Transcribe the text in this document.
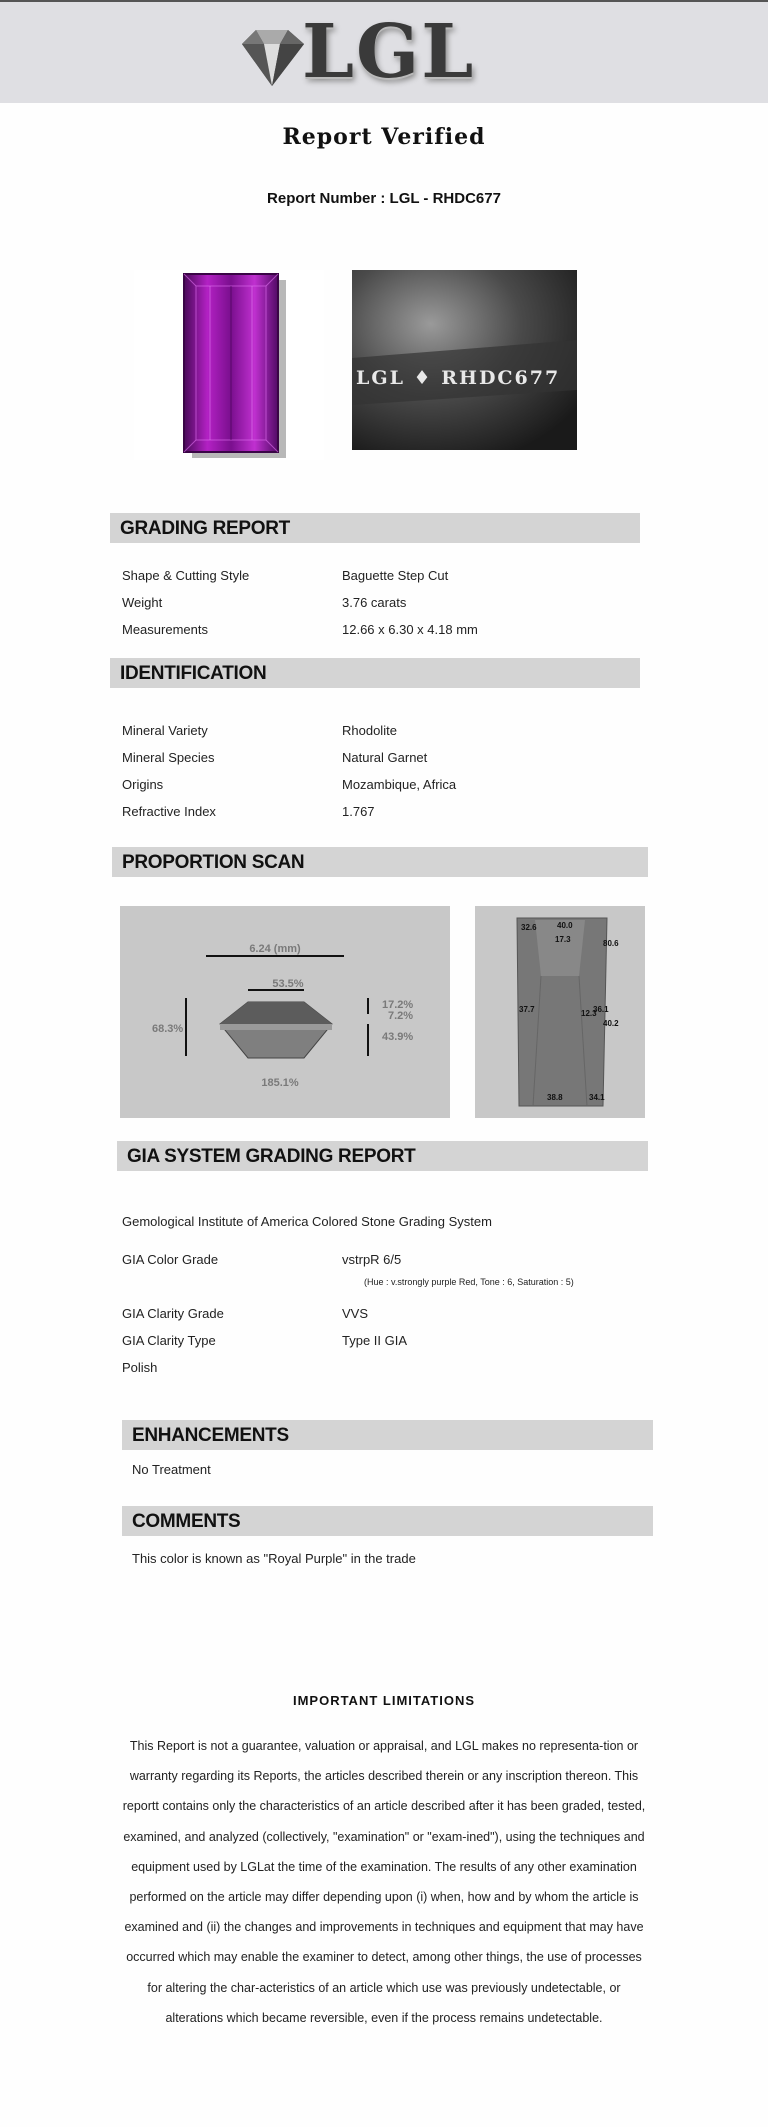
LGL
Report Verified
Report Number : LGL - RHDC677
LGL ♦ RHDC677
GRADING REPORT
Shape & Cutting Style	Baguette Step Cut
Weight	3.76 carats
Measurements	12.66 x 6.30 x 4.18 mm
IDENTIFICATION
Mineral Variety	Rhodolite
Mineral Species	Natural Garnet
Origins	Mozambique, Africa
Refractive Index	1.767
PROPORTION SCAN
6.24 (mm)
53.5%
68.3%
17.2%
7.2%
43.9%
185.1%
32.6	40.0
17.3	80.6
37.7	12.3
36.1
40.2
38.8	34.1
GIA SYSTEM GRADING REPORT
Gemological Institute of America Colored Stone Grading System
GIA Color Grade	vstrpR 6/5
(Hue : v.strongly purple Red, Tone : 6, Saturation : 5)
GIA Clarity Grade	VVS
GIA Clarity Type	Type II GIA
Polish
ENHANCEMENTS
No Treatment
COMMENTS
This color is known as "Royal Purple" in the trade
IMPORTANT LIMITATIONS
This Report is not a guarantee, valuation or appraisal, and LGL makes no representa-tion or warranty regarding its Reports, the articles described therein or any inscription thereon. This reportt contains only the characteristics of an article described after it has been graded, tested, examined, and analyzed (collectively, "examination" or "exam-ined"), using the techniques and equipment used by LGLat the time of the examination. The results of any other examination performed on the article may differ depending upon (i) when, how and by whom the article is examined and (ii) the changes and improvements in techniques and equipment that may have occurred which may enable the examiner to detect, among other things, the use of processes for altering the char-acteristics of an article which use was previously undetectable, or alterations which became reversible, even if the process remains undetectable.
